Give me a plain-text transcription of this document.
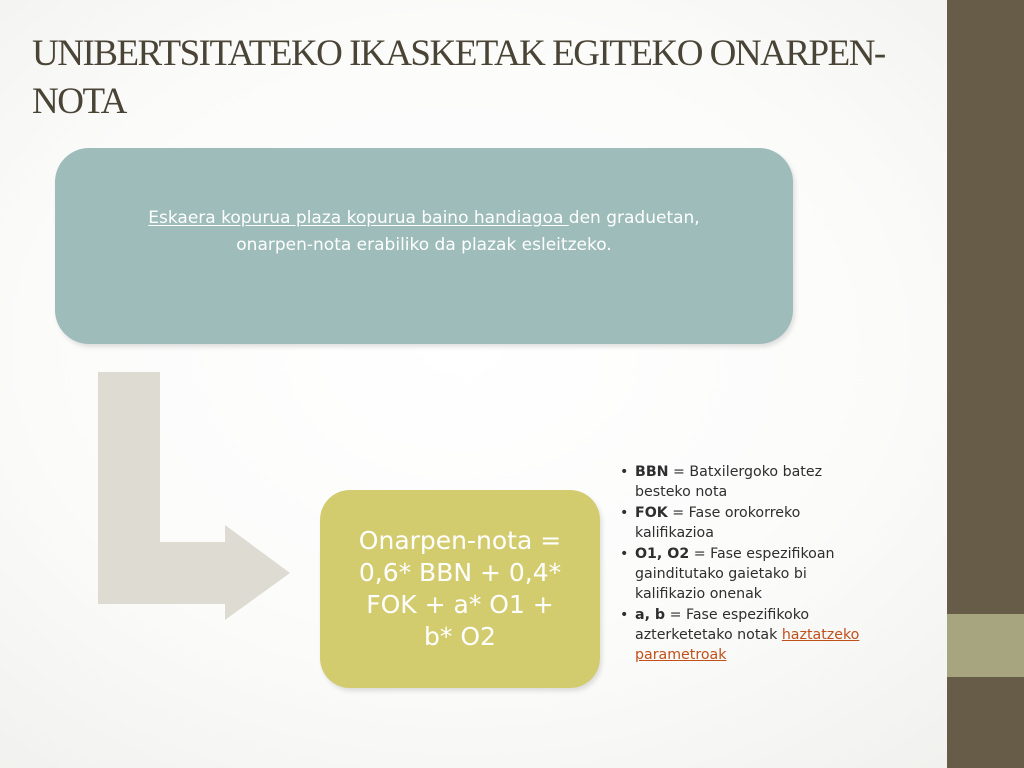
UNIBERTSITATEKO IKASKETAK EGITEKO ONARPEN-NOTA
Eskaera kopurua plaza kopurua baino handiagoa den graduetan, onarpen-nota erabiliko da plazak esleitzeko.
Onarpen-nota =
0,6* BBN + 0,4*
FOK + a* O1 +
b* O2
• BBN = Batxilergoko batez besteko nota
• FOK = Fase orokorreko kalifikazioa
• O1, O2 = Fase espezifikoan gainditutako gaietako bi kalifikazio onenak
• a, b = Fase espezifikoko azterketetako notak haztatzeko parametroak
